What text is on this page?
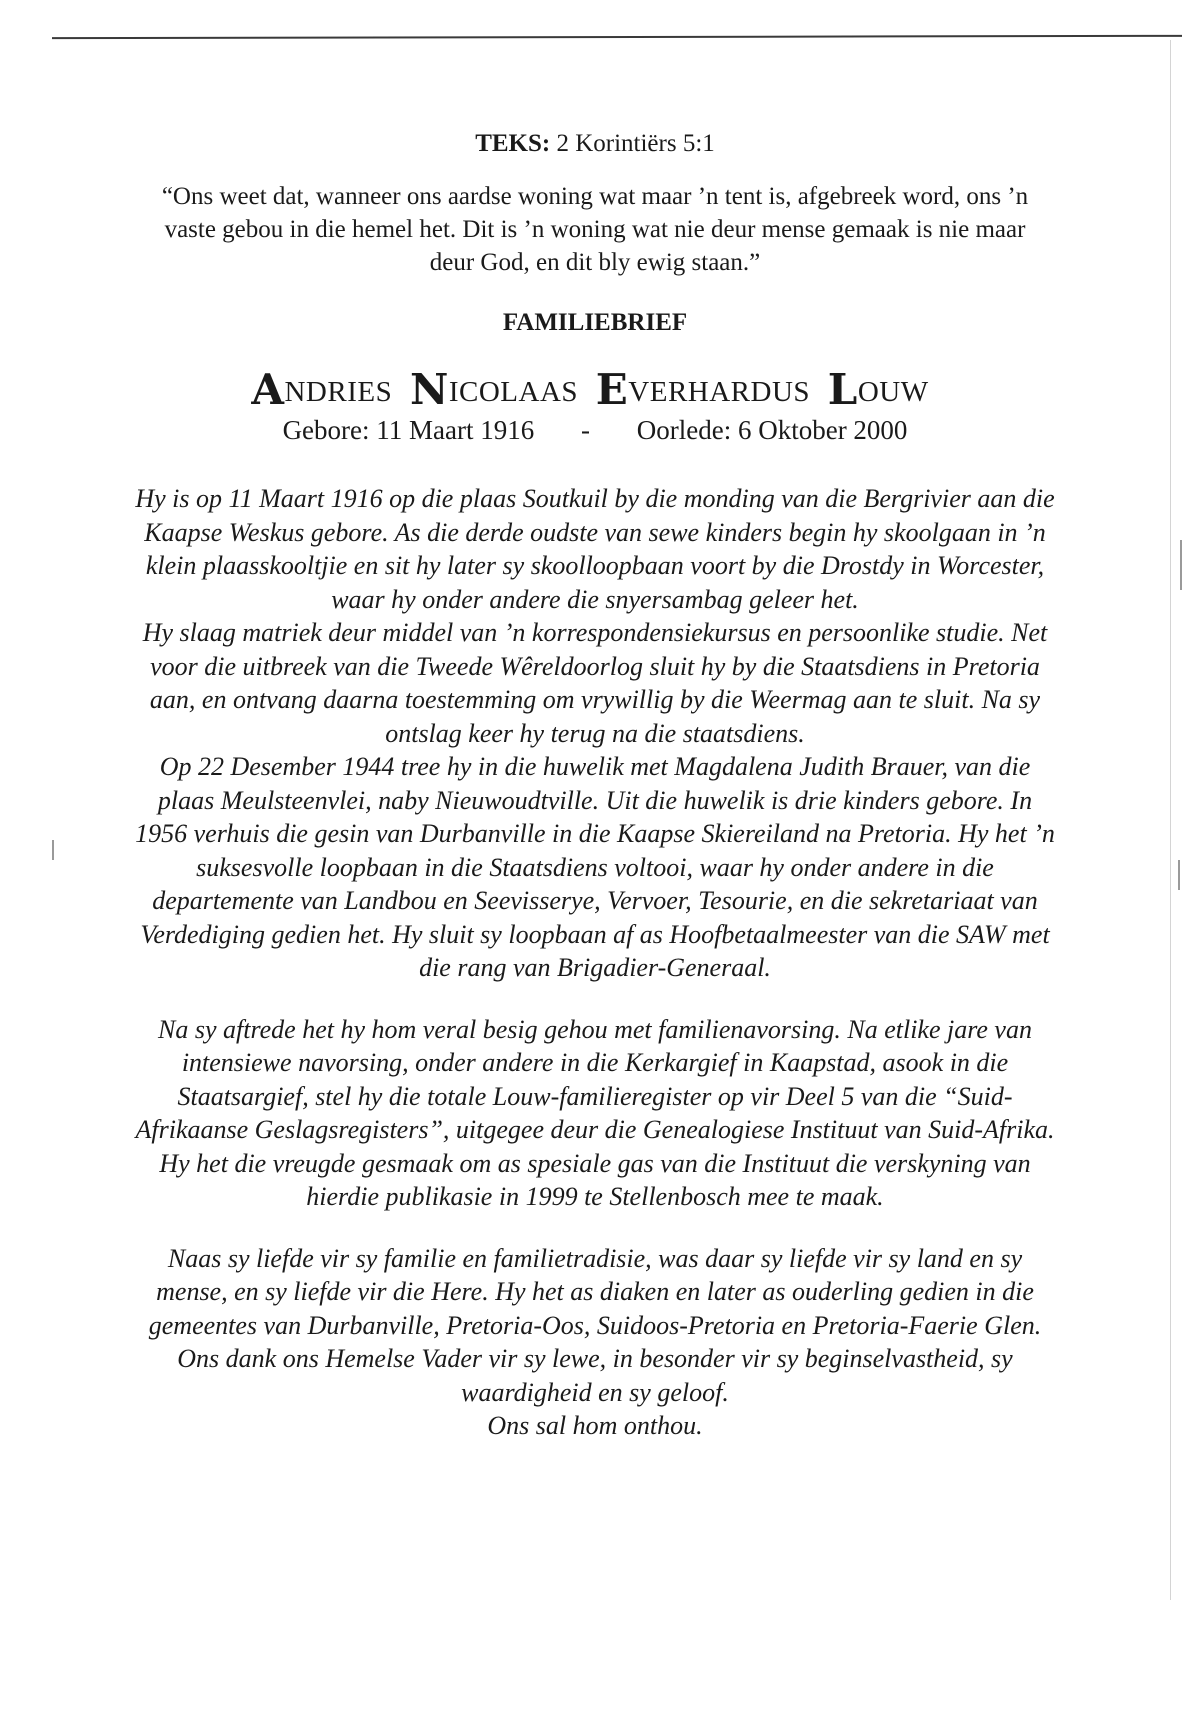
TEKS: 2 Korintiërs 5:1
“Ons weet dat, wanneer ons aardse woning wat maar ’n tent is, afgebreek word, ons ’n vaste gebou in die hemel het. Dit is ’n woning wat nie deur mense gemaak is nie maar deur God, en dit bly ewig staan.”
FAMILIEBRIEF
ANDRIES NICOLAAS EVERHARDUS LOUW
Gebore: 11 Maart 1916 - Oorlede: 6 Oktober 2000

Hy is op 11 Maart 1916 op die plaas Soutkuil by die monding van die Bergrivier aan die Kaapse Weskus gebore. As die derde oudste van sewe kinders begin hy skoolgaan in ’n klein plaasskooltjie en sit hy later sy skoolloopbaan voort by die Drostdy in Worcester, waar hy onder andere die snyersambag geleer het.

Hy slaag matriek deur middel van ’n korrespondensiekursus en persoonlike studie. Net voor die uitbreek van die Tweede Wêreldoorlog sluit hy by die Staatsdiens in Pretoria aan, en ontvang daarna toestemming om vrywillig by die Weermag aan te sluit. Na sy ontslag keer hy terug na die staatsdiens.

Op 22 Desember 1944 tree hy in die huwelik met Magdalena Judith Brauer, van die plaas Meulsteenvlei, naby Nieuwoudtville. Uit die huwelik is drie kinders gebore. In 1956 verhuis die gesin van Durbanville in die Kaapse Skiereiland na Pretoria. Hy het ’n suksesvolle loopbaan in die Staatsdiens voltooi, waar hy onder andere in die departemente van Landbou en Seevisserye, Vervoer, Tesourie, en die sekretariaat van Verdediging gedien het. Hy sluit sy loopbaan af as Hoofbetaalmeester van die SAW met die rang van Brigadier-Generaal.

Na sy aftrede het hy hom veral besig gehou met familienavorsing. Na etlike jare van intensiewe navorsing, onder andere in die Kerkargief in Kaapstad, asook in die Staatsargief, stel hy die totale Louw-familieregister op vir Deel 5 van die “Suid-Afrikaanse Geslagsregisters”, uitgegee deur die Genealogiese Instituut van Suid-Afrika. Hy het die vreugde gesmaak om as spesiale gas van die Instituut die verskyning van hierdie publikasie in 1999 te Stellenbosch mee te maak.

Naas sy liefde vir sy familie en familietradisie, was daar sy liefde vir sy land en sy mense, en sy liefde vir die Here. Hy het as diaken en later as ouderling gedien in die gemeentes van Durbanville, Pretoria-Oos, Suidoos-Pretoria en Pretoria-Faerie Glen. Ons dank ons Hemelse Vader vir sy lewe, in besonder vir sy beginselvastheid, sy waardigheid en sy geloof.

Ons sal hom onthou.
